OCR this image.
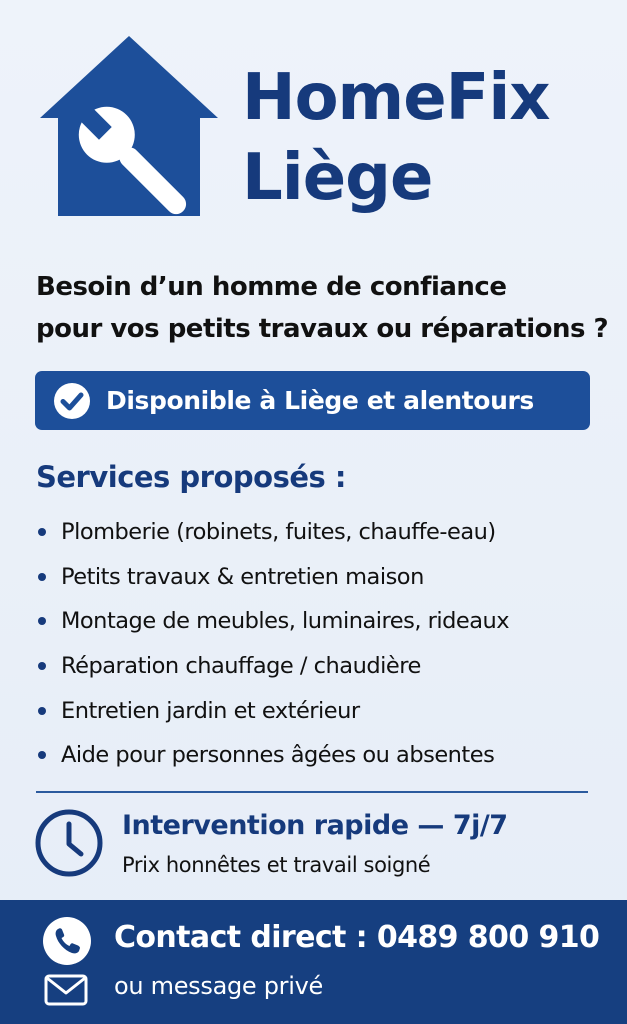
HomeFix
Liège
Besoin d’un homme de confiance
pour vos petits travaux ou réparations ?
Disponible à Liège et alentours
Services proposés :
Plomberie (robinets, fuites, chauffe-eau)
Petits travaux & entretien maison
Montage de meubles, luminaires, rideaux
Réparation chauffage / chaudière
Entretien jardin et extérieur
Aide pour personnes âgées ou absentes
Intervention rapide — 7j/7
Prix honnêtes et travail soigné
Contact direct : 0489 800 910
ou message privé
